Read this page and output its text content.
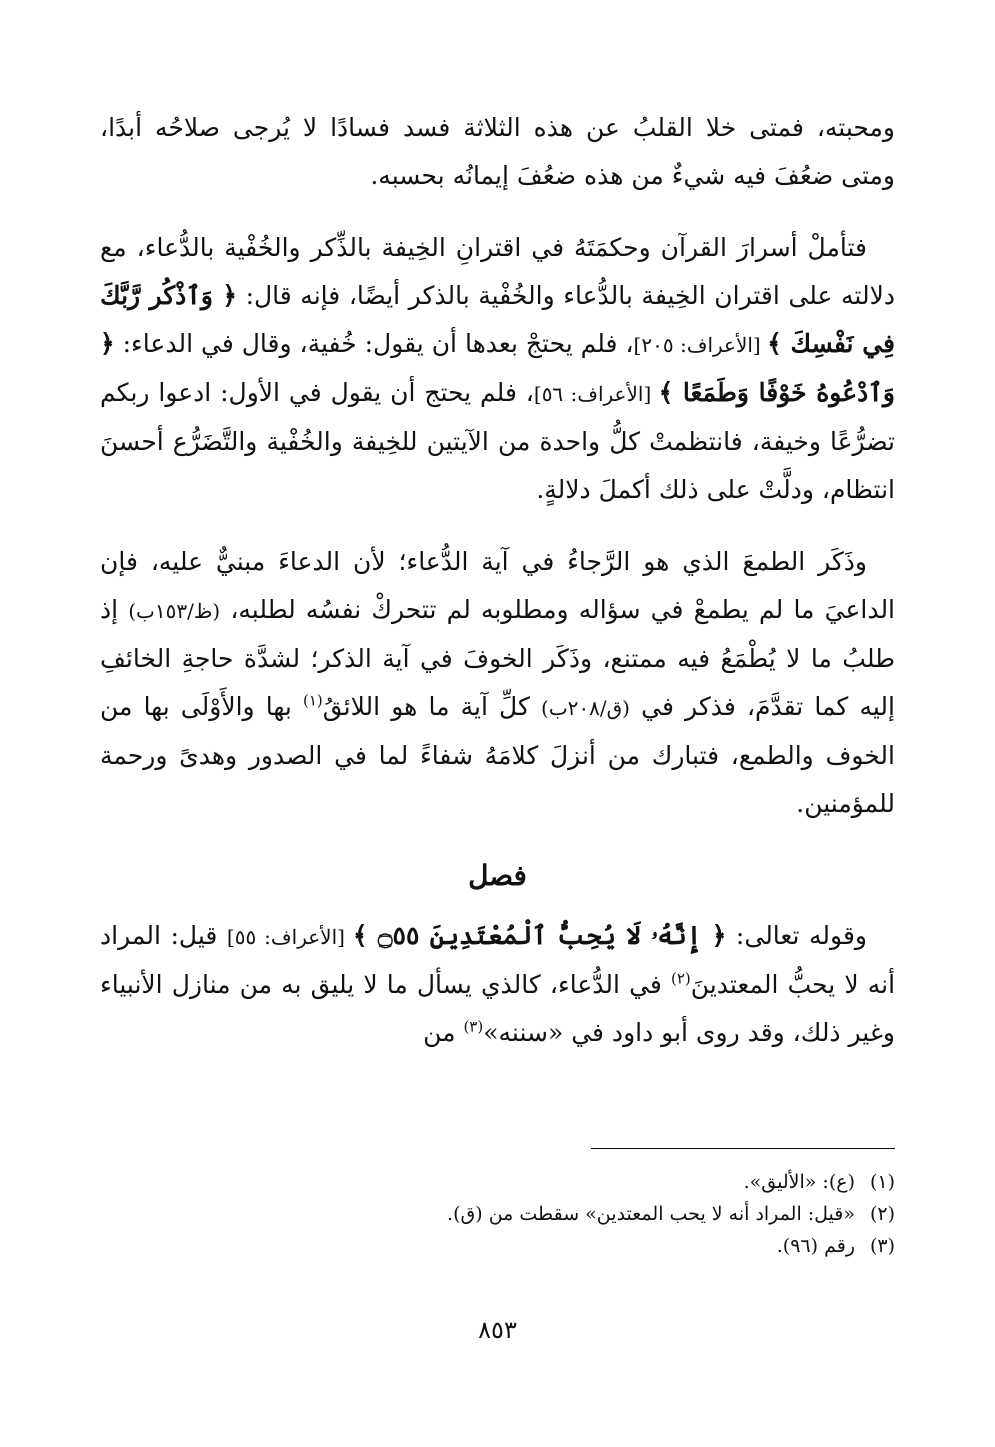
ومحبته، فمتى خلا القلبُ عن هذه الثلاثة فسد فسادًا لا يُرجى صلاحُه أبدًا، ومتى ضعُفَ فيه شيءٌ من هذه ضعُفَ إيمانُه بحسبه.

فتأملْ أسرارَ القرآن وحكمَتَهُ في اقترانِ الخِيفة بالذِّكر والخُفْية بالدُّعاء، مع دلالته على اقتران الخِيفة بالدُّعاء والخُفْية بالذكر أيضًا، فإنه قال: ﴿ وَٱذْكُر رَّبَّكَ فِي نَفْسِكَ ﴾ [الأعراف: ٢٠٥]، فلم يحتجْ بعدها أن يقول: خُفية، وقال في الدعاء: ﴿ وَٱدْعُوهُ خَوْفًا وَطَمَعًا ﴾ [الأعراف: ٥٦]، فلم يحتج أن يقول في الأول: ادعوا ربكم تضرُّعًا وخيفة، فانتظمتْ كلُّ واحدة من الآيتين للخِيفة والخُفْية والتَّضَرُّع أحسنَ انتظام، ودلَّتْ على ذلك أكملَ دلالةٍ.

وذَكَر الطمعَ الذي هو الرَّجاءُ في آية الدُّعاء؛ لأن الدعاءَ مبنيٌّ عليه، فإن الداعيَ ما لم يطمعْ في سؤاله ومطلوبه لم تتحركْ نفسُه لطلبه، (ظ/١٥٣ب) إذ طلبُ ما لا يُطْمَعُ فيه ممتنع، وذَكَر الخوفَ في آية الذكر؛ لشدَّة حاجةِ الخائفِ إليه كما تقدَّمَ، فذكر في (ق/٢٠٨ب) كلِّ آية ما هو اللائقُ$^{(١)}$ بها والأَوْلَى بها من الخوف والطمع، فتبارك من أنزلَ كلامَهُ شفاءً لما في الصدور وهدىً ورحمة للمؤمنين.

فصل

وقوله تعالى: ﴿ إِنَّهُۥ لَا يُحِبُّ ٱلْمُعْتَدِينَ ۝٥٥ ﴾ [الأعراف: ٥٥] قيل: المراد أنه لا يحبُّ المعتدينَ$^{(٢)}$ في الدُّعاء، كالذي يسأل ما لا يليق به من منازل الأنبياء وغير ذلك، وقد روى أبو داود في «سننه»$^{(٣)}$ من

(١)(ع): «الأليق».

(٢)«قيل: المراد أنه لا يحب المعتدين» سقطت من (ق).

(٣)رقم (٩٦).

٨٥٣
